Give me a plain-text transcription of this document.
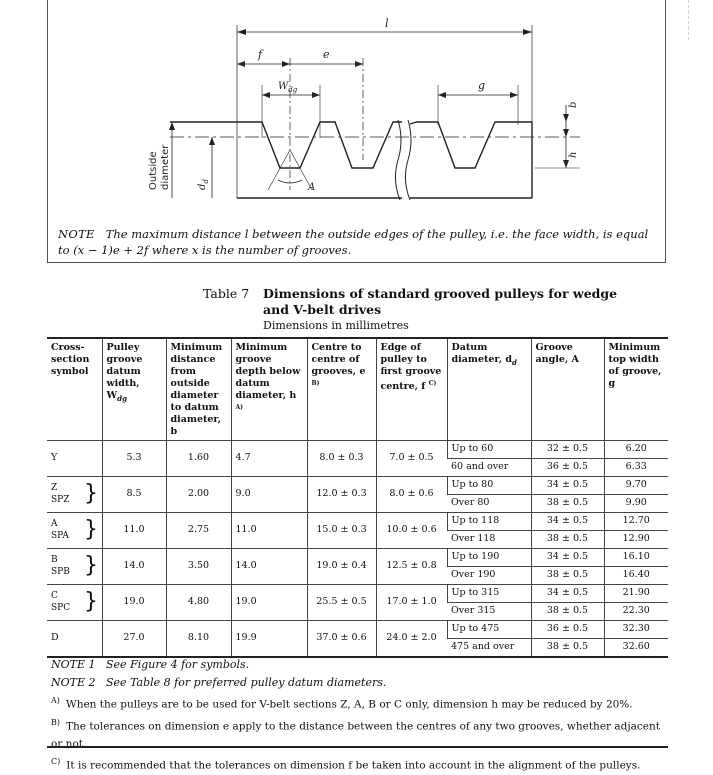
l
f	e
$W_{dg}$	g
b
h
Outside diameter	$d_d$
A
NOTE The maximum distance l between the outside edges of the pulley, i.e. the face width, is equal to (x − 1)e + 2f where x is the number of grooves.
Table 7 Dimensions of standard grooved pulleys for wedge and V-belt drives
Dimensions in millimetres
Cross-section symbol	Pulley groove datum width, $W_{dg}$	Minimum distance from outside diameter to datum diameter, b	Minimum groove depth below datum diameter, h $^{A)}$	Centre to centre of grooves, e $^{B)}$	Edge of pulley to first groove centre, f $^{C)}$	Datum diameter, $d_d$	Groove angle, A	Minimum top width of groove, g
Y	5.3	1.60	4.7	8.0 ± 0.3	7.0 ± 0.5	Up to 60	32 ± 0.5	6.20
						60 and over	36 ± 0.5	6.33

Z
SPZ }	8.5	2.00	9.0	12.0 ± 0.3	8.0 ± 0.6	Up to 80	34 ± 0.5	9.70
						Over 80	38 ± 0.5	9.90

A
SPA }	11.0	2.75	11.0	15.0 ± 0.3	10.0 ± 0.6	Up to 118	34 ± 0.5	12.70
						Over 118	38 ± 0.5	12.90

B
SPB }	14.0	3.50	14.0	19.0 ± 0.4	12.5 ± 0.8	Up to 190	34 ± 0.5	16.10
						Over 190	38 ± 0.5	16.40

C
SPC }	19.0	4.80	19.0	25.5 ± 0.5	17.0 ± 1.0	Up to 315	34 ± 0.5	21.90
						Over 315	38 ± 0.5	22.30
D	27.0	8.10	19.9	37.0 ± 0.6	24.0 ± 2.0	Up to 475	36 ± 0.5	32.30
						475 and over	38 ± 0.5	32.60
NOTE 1 See Figure 4 for symbols.
NOTE 2 See Table 8 for preferred pulley datum diameters.
$^{A)}$ When the pulleys are to be used for V-belt sections Z, A, B or C only, dimension h may be reduced by 20%.
$^{B)}$ The tolerances on dimension e apply to the distance between the centres of any two grooves, whether adjacent or not.
$^{C)}$ It is recommended that the tolerances on dimension f be taken into account in the alignment of the pulleys.
